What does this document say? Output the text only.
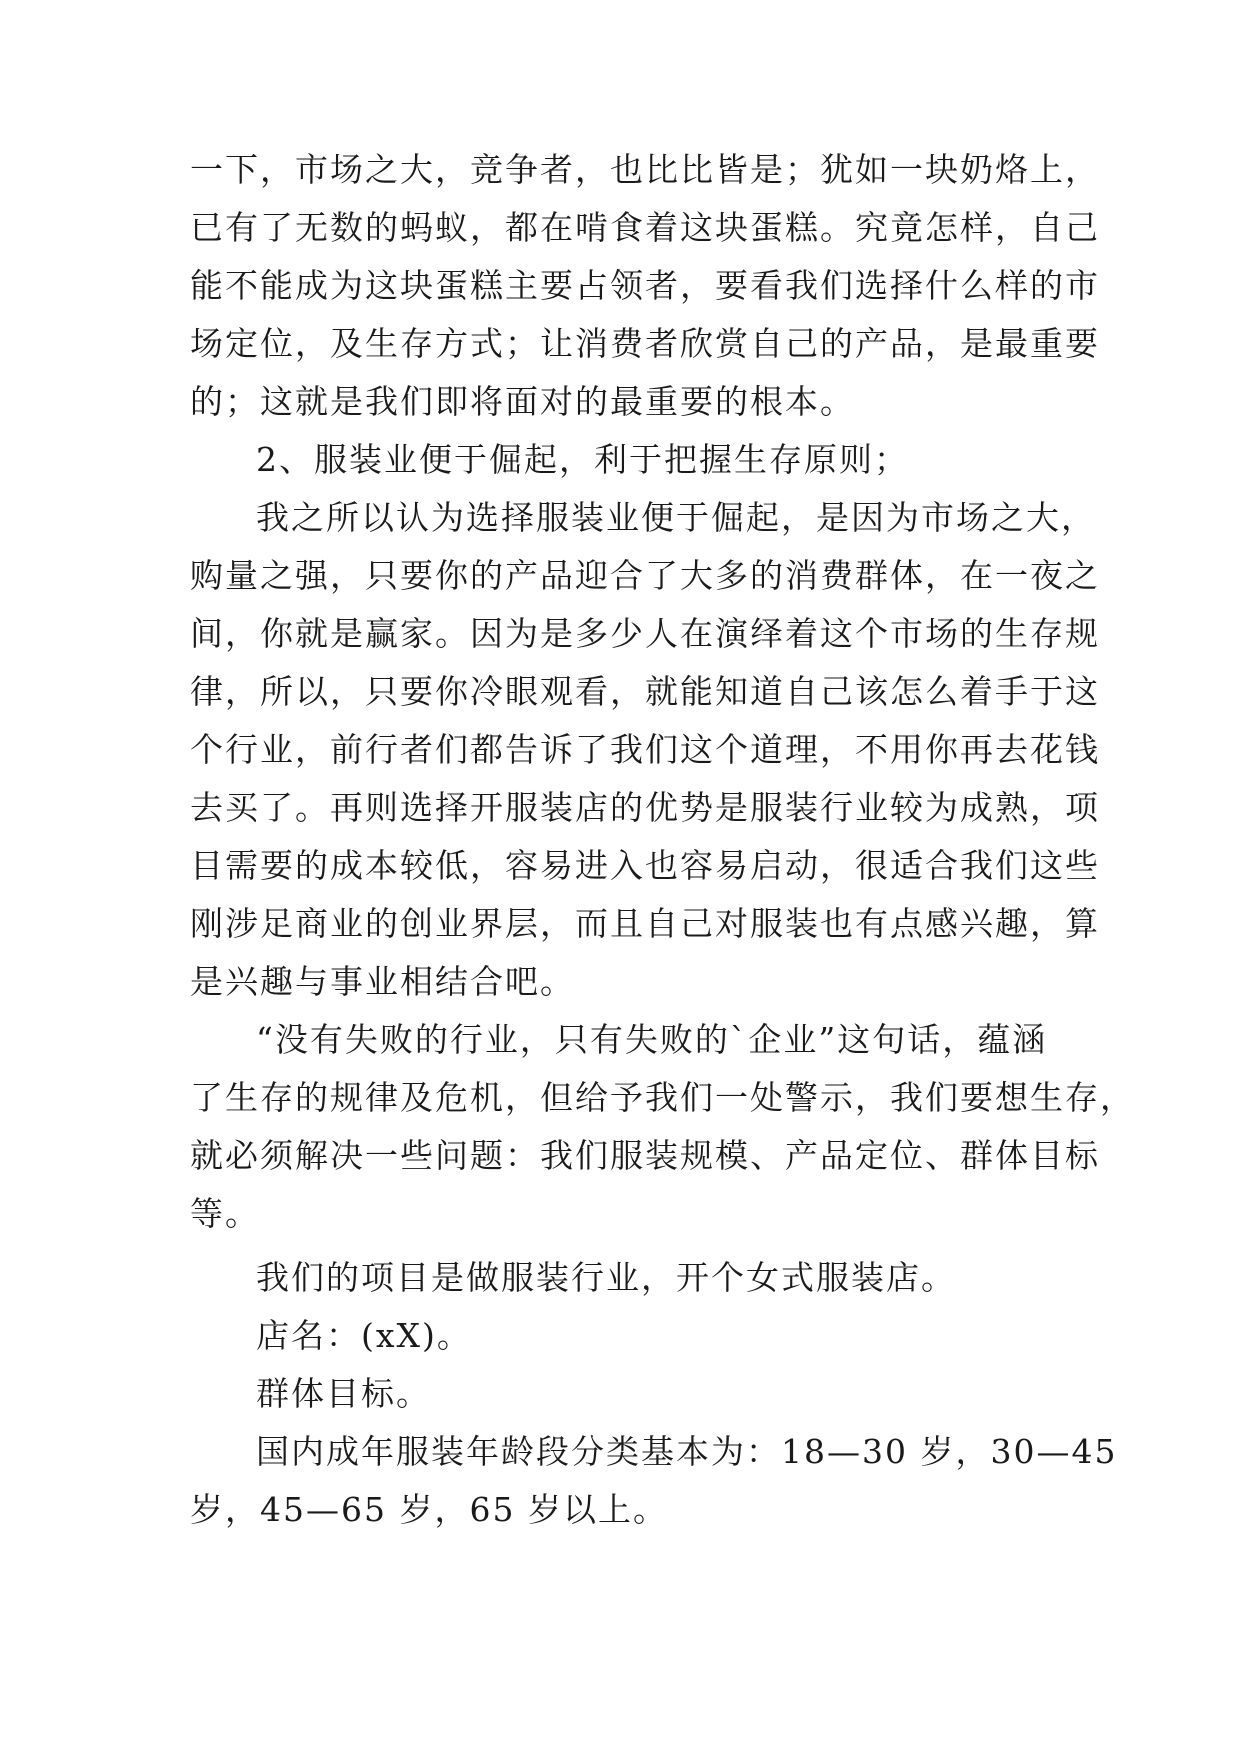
一下，市场之大，竞争者，也比比皆是；犹如一块奶烙上，
已有了无数的蚂蚁，都在啃食着这块蛋糕。究竟怎样，自己
能不能成为这块蛋糕主要占领者，要看我们选择什么样的市
场定位，及生存方式；让消费者欣赏自己的产品，是最重要
的；这就是我们即将面对的最重要的根本。
2、服装业便于倔起，利于把握生存原则；
我之所以认为选择服装业便于倔起，是因为市场之大，
购量之强，只要你的产品迎合了大多的消费群体，在一夜之
间，你就是赢家。因为是多少人在演绎着这个市场的生存规
律，所以，只要你冷眼观看，就能知道自己该怎么着手于这
个行业，前行者们都告诉了我们这个道理，不用你再去花钱
去买了。再则选择开服装店的优势是服装行业较为成熟，项
目需要的成本较低，容易进入也容易启动，很适合我们这些
刚涉足商业的创业界层，而且自己对服装也有点感兴趣，算
是兴趣与事业相结合吧。
“没有失败的行业，只有失败的`企业”这句话，蕴涵
了生存的规律及危机，但给予我们一处警示，我们要想生存，
就必须解决一些问题：我们服装规模、产品定位、群体目标
等。
我们的项目是做服装行业，开个女式服装店。
店名：(xX)。
群体目标。
国内成年服装年龄段分类基本为：18—30 岁，30—45
岁，45—65 岁，65 岁以上。
